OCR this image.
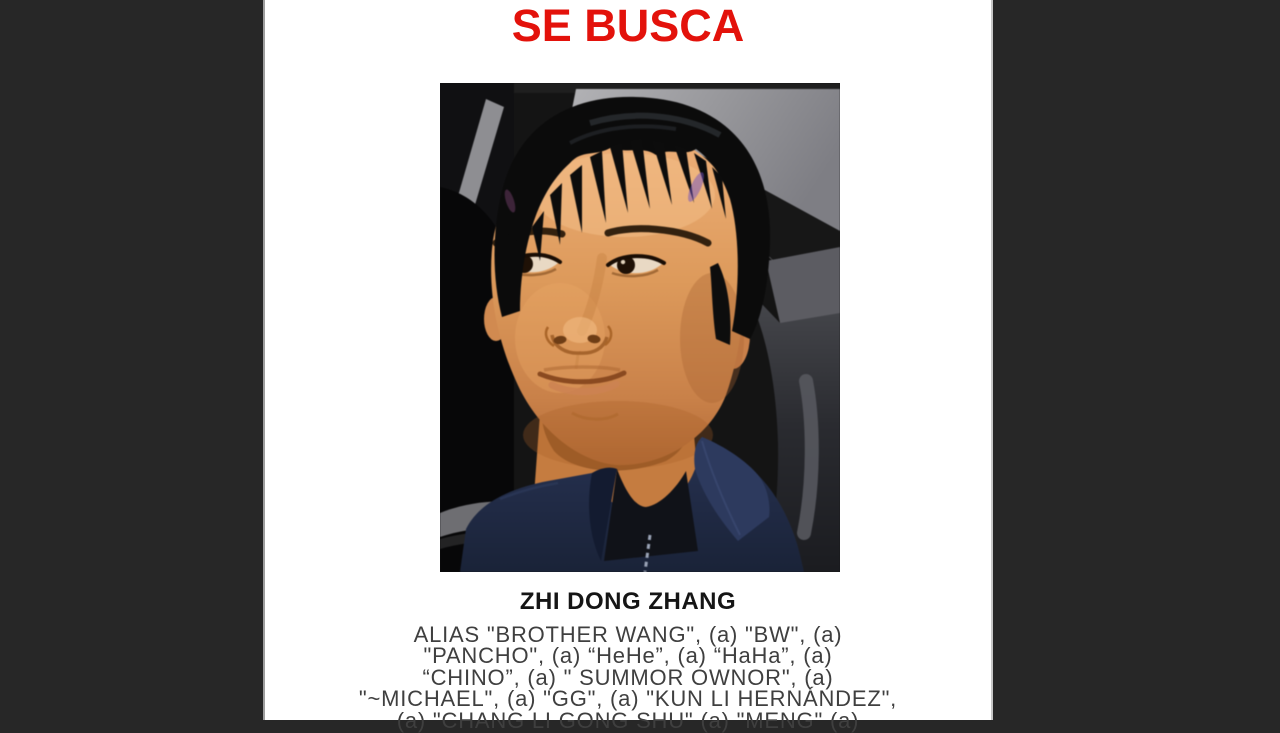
SE BUSCA
ZHI DONG ZHANG
ALIAS "BROTHER WANG", (a) "BW", (a)
"PANCHO", (a) “HeHe”, (a) “HaHa”, (a)
“CHINO”, (a) " SUMMOR OWNOR", (a)
"~MICHAEL", (a) "GG", (a) "KUN LI HERNÁNDEZ",
(a) "CHANG LI GONG SHU" (a) "MENG" (a)
